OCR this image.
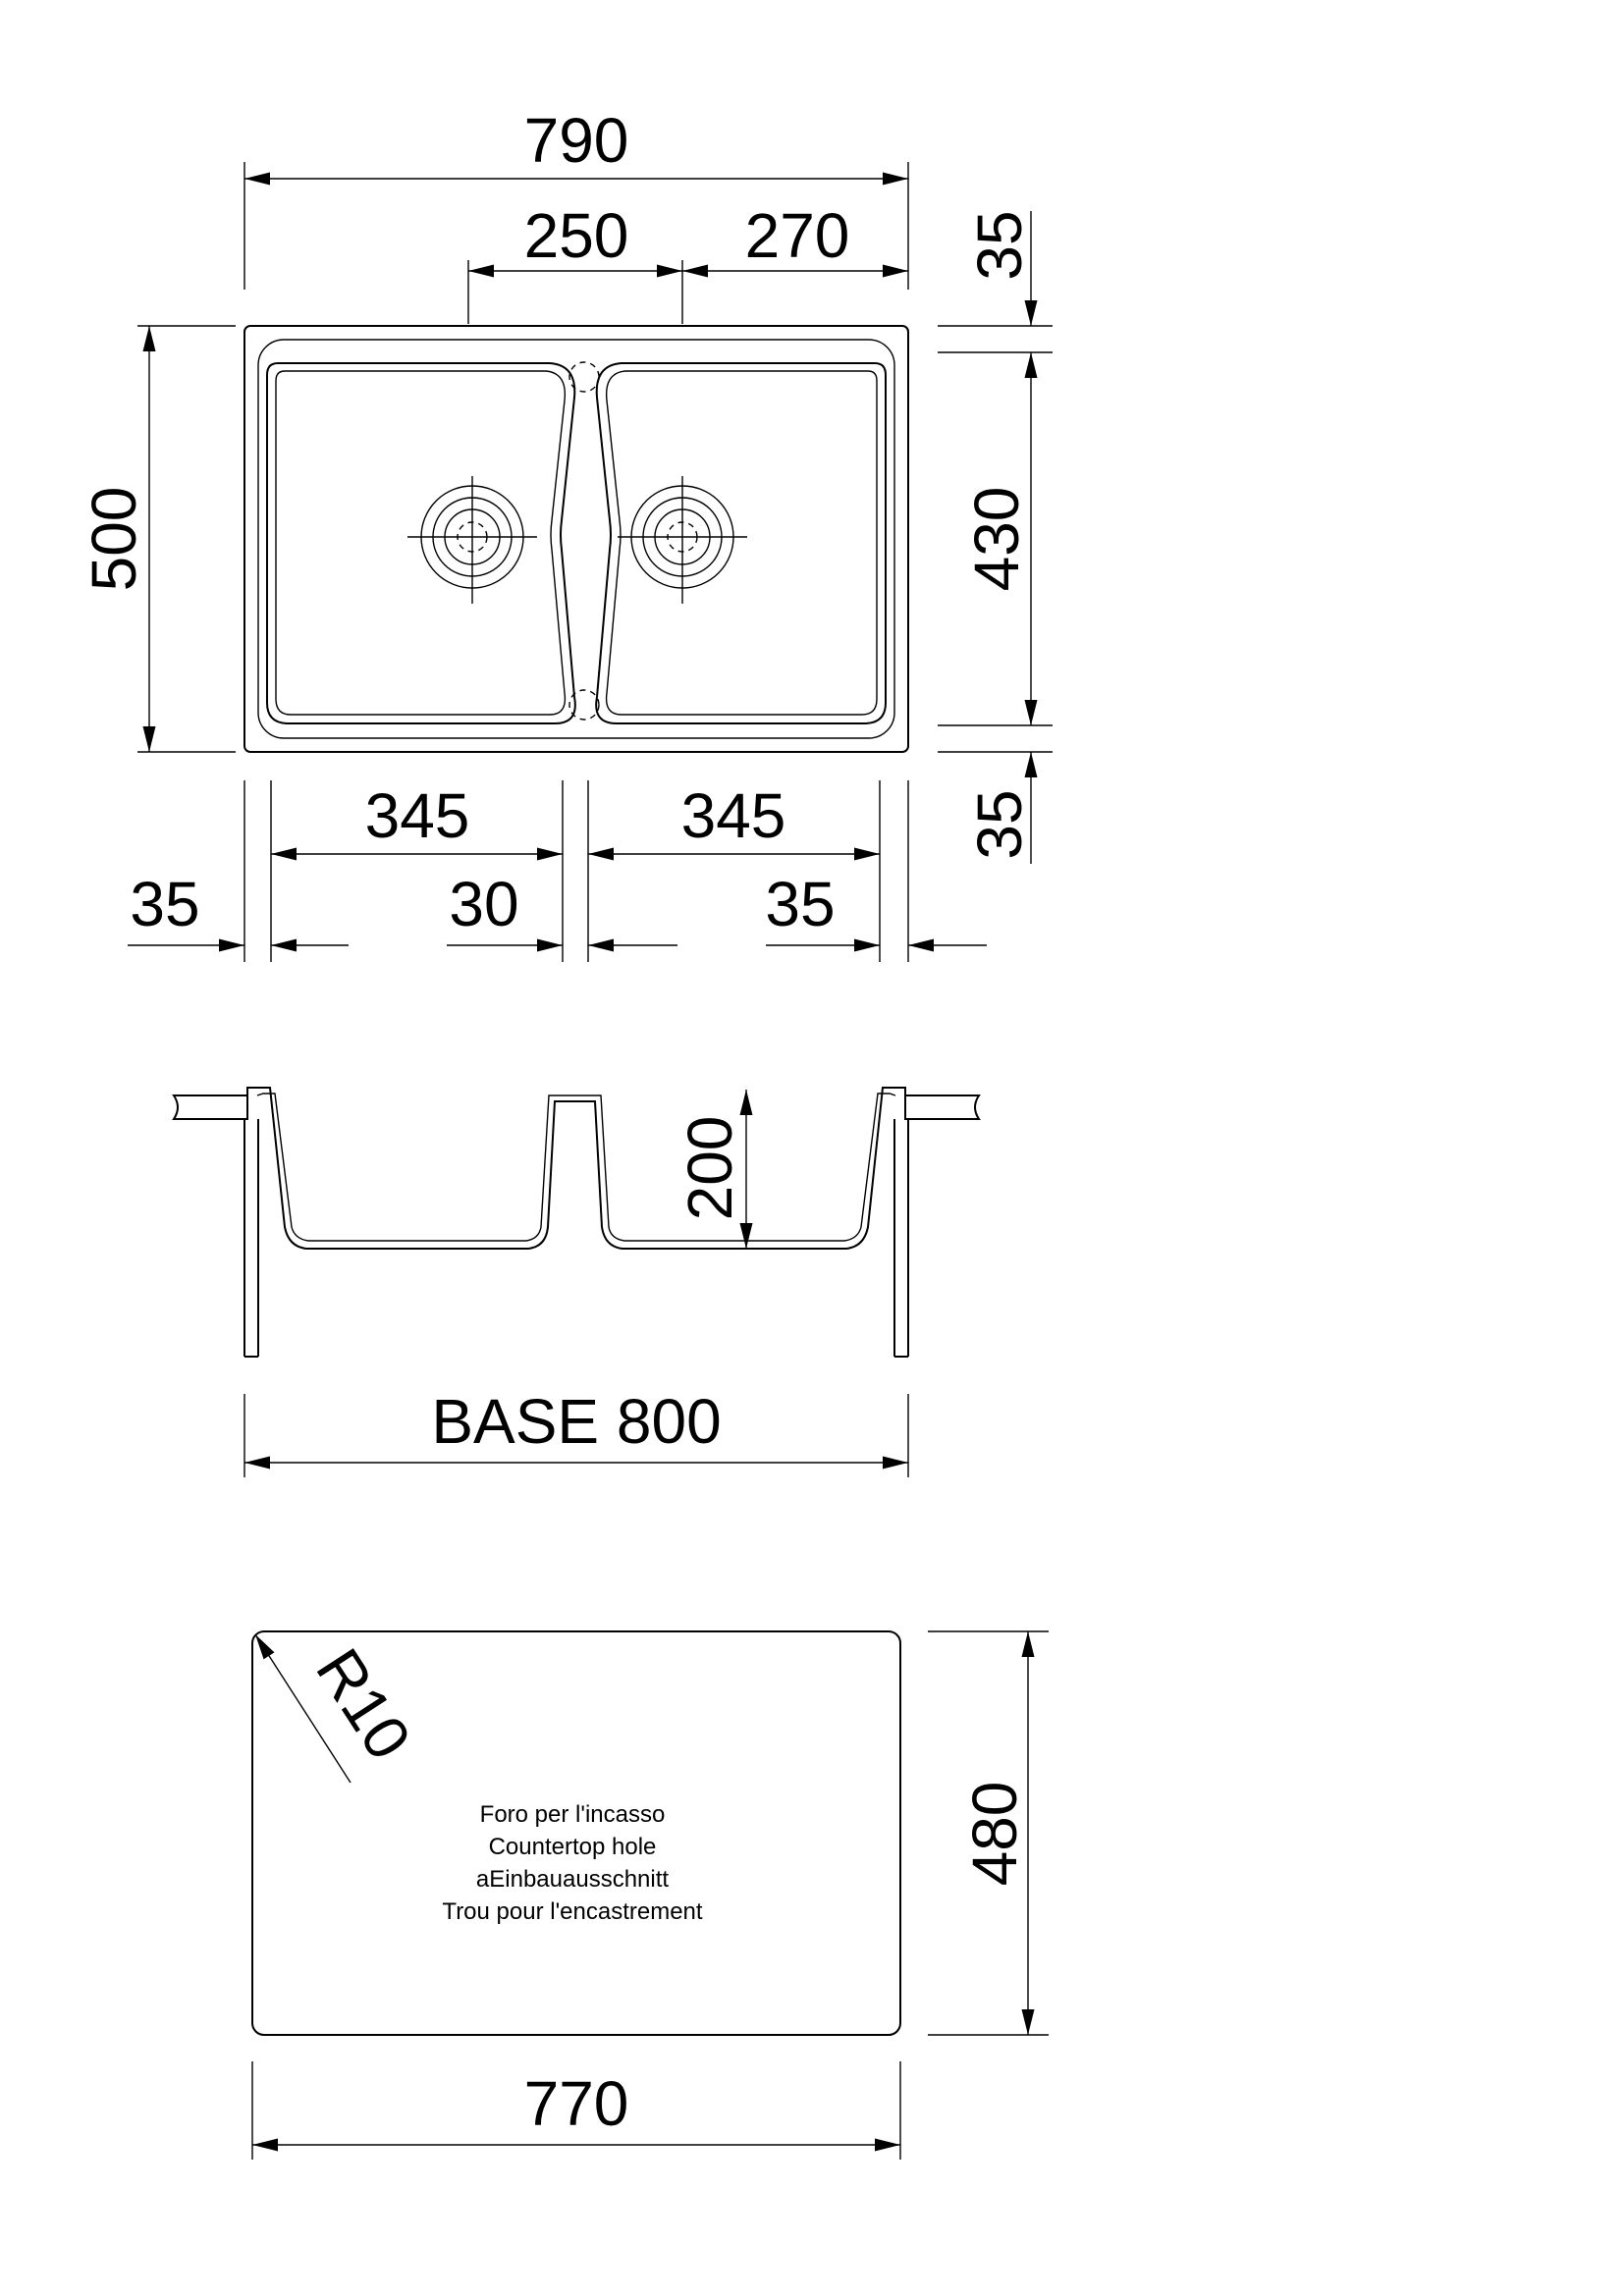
790
250 270 35
500	430
35
345	345
35	30	35
200
BASE 800
R10
Foro per l'incasso
Countertop hole
aEinbauausschnitt
Trou pour l'encastrement
480
770
